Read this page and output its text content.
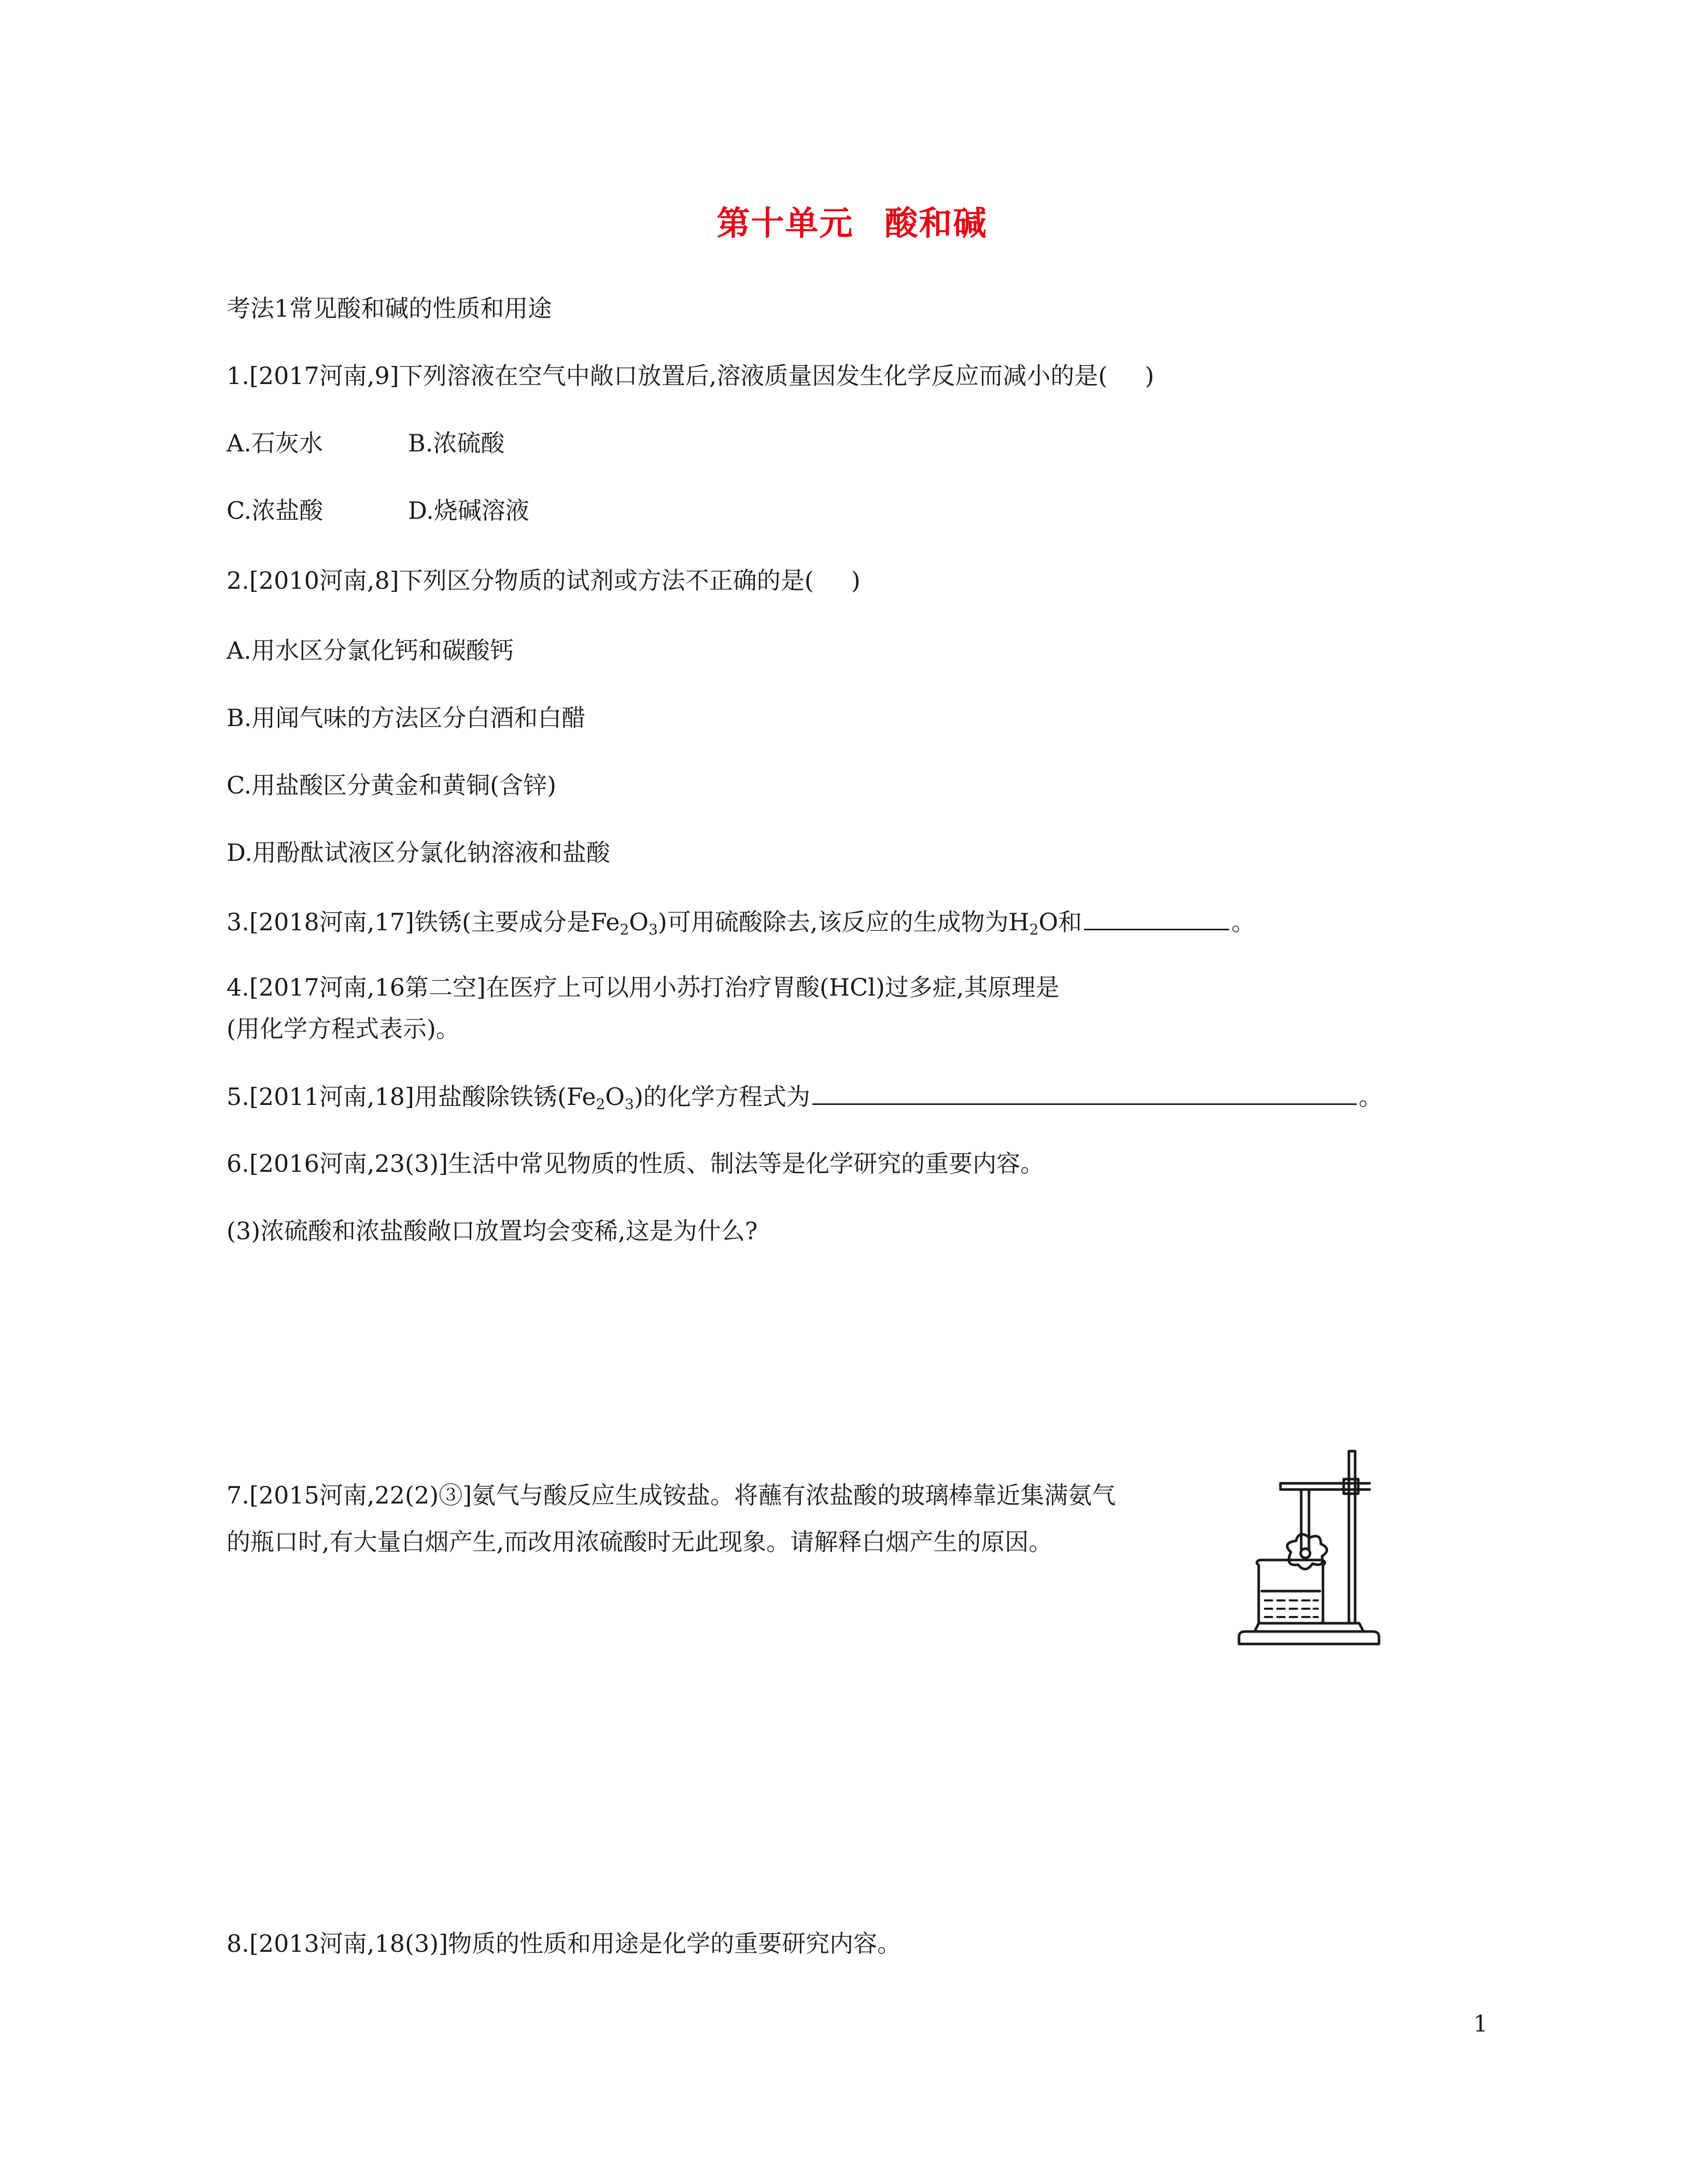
第十单元 酸和碱

考法1常见酸和碱的性质和用途

1.[2017河南,9]下列溶液在空气中敞口放置后,溶液质量因发生化学反应而减小的是( )

A.石灰水	B.浓硫酸

C.浓盐酸	D.烧碱溶液

2.[2010河南,8]下列区分物质的试剂或方法不正确的是( )

A.用水区分氯化钙和碳酸钙

B.用闻气味的方法区分白酒和白醋

C.用盐酸区分黄金和黄铜(含锌)

D.用酚酞试液区分氯化钠溶液和盐酸

3.[2018河南,17]铁锈(主要成分是$Fe_2O_3$)可用硫酸除去,该反应的生成物为$H_2O$和	。

4.[2017河南,16第二空]在医疗上可以用小苏打治疗胃酸(HCl)过多症,其原理是

(用化学方程式表示)。

5.[2011河南,18]用盐酸除铁锈$(Fe_2O_3)$的化学方程式为	。

6.[2016河南,23(3)]生活中常见物质的性质、制法等是化学研究的重要内容。

(3)浓硫酸和浓盐酸敞口放置均会变稀,这是为什么?

7.[2015河南,22(2)③]氨气与酸反应生成铵盐。将蘸有浓盐酸的玻璃棒靠近集满氨气

的瓶口时,有大量白烟产生,而改用浓硫酸时无此现象。请解释白烟产生的原因。

8.[2013河南,18(3)]物质的性质和用途是化学的重要研究内容。

1
